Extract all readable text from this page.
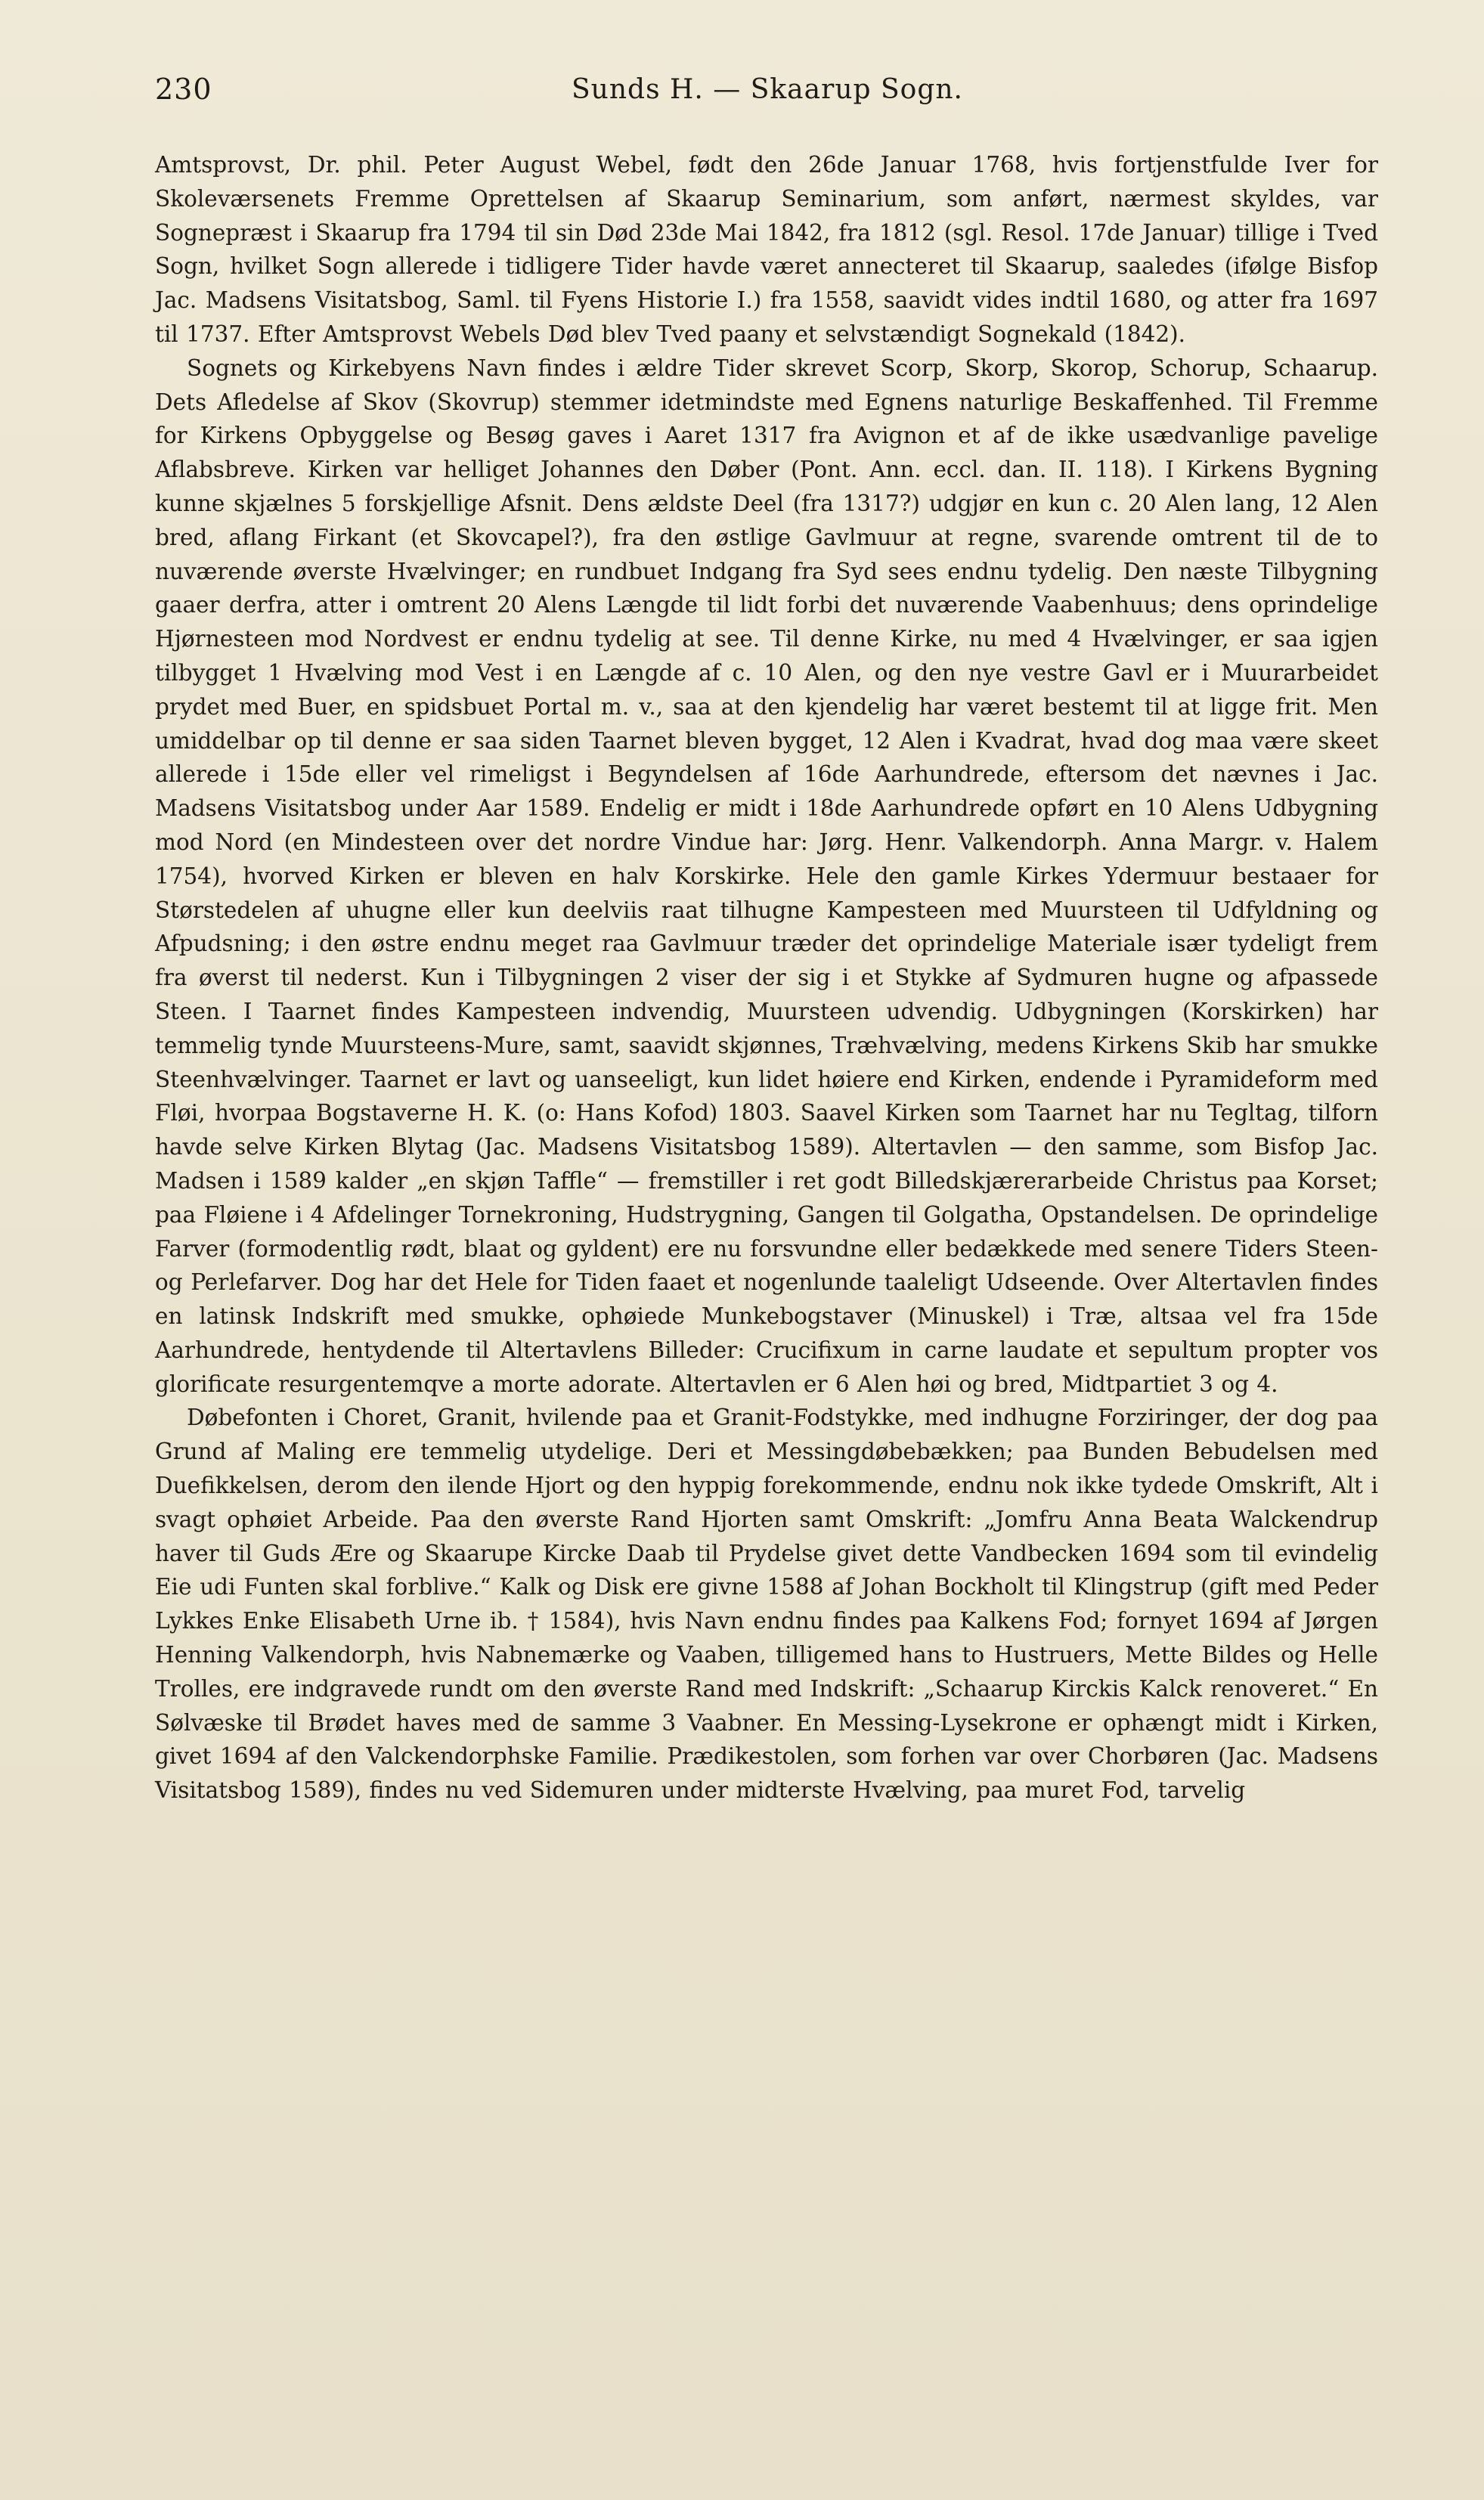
230	Sunds H. — Skaarup Sogn.

Amtsprovst, Dr. phil. Peter August Webel, født den 26de Januar 1768, hvis fortjenstfulde Iver for Skoleværsenets Fremme Oprettelsen af Skaarup Seminarium, som anført, nærmest skyldes, var Sognepræst i Skaarup fra 1794 til sin Død 23de Mai 1842, fra 1812 (sgl. Resol. 17de Januar) tillige i Tved Sogn, hvilket Sogn allerede i tidligere Tider havde været annecteret til Skaarup, saaledes (ifølge Bisfop Jac. Madsens Visitatsbog, Saml. til Fyens Historie I.) fra 1558, saavidt vides indtil 1680, og atter fra 1697 til 1737. Efter Amtsprovst Webels Død blev Tved paany et selvstændigt Sognekald (1842).

Sognets og Kirkebyens Navn findes i ældre Tider skrevet Scorp, Skorp, Skorop, Schorup, Schaarup. Dets Afledelse af Skov (Skovrup) stemmer idetmindste med Egnens naturlige Beskaffenhed. Til Fremme for Kirkens Opbyggelse og Besøg gaves i Aaret 1317 fra Avignon et af de ikke usædvanlige pavelige Aflabsbreve. Kirken var helliget Johannes den Døber (Pont. Ann. eccl. dan. II. 118). I Kirkens Bygning kunne skjælnes 5 forskjellige Afsnit. Dens ældste Deel (fra 1317?) udgjør en kun c. 20 Alen lang, 12 Alen bred, aflang Firkant (et Skovcapel?), fra den østlige Gavlmuur at regne, svarende omtrent til de to nuværende øverste Hvælvinger; en rundbuet Indgang fra Syd sees endnu tydelig. Den næste Tilbygning gaaer derfra, atter i omtrent 20 Alens Længde til lidt forbi det nuværende Vaabenhuus; dens oprindelige Hjørnesteen mod Nordvest er endnu tydelig at see. Til denne Kirke, nu med 4 Hvælvinger, er saa igjen tilbygget 1 Hvælving mod Vest i en Længde af c. 10 Alen, og den nye vestre Gavl er i Muurarbeidet prydet med Buer, en spidsbuet Portal m. v., saa at den kjendelig har været bestemt til at ligge frit. Men umiddelbar op til denne er saa siden Taarnet bleven bygget, 12 Alen i Kvadrat, hvad dog maa være skeet allerede i 15de eller vel rimeligst i Begyndelsen af 16de Aarhundrede, eftersom det nævnes i Jac. Madsens Visitatsbog under Aar 1589. Endelig er midt i 18de Aarhundrede opført en 10 Alens Udbygning mod Nord (en Mindesteen over det nordre Vindue har: Jørg. Henr. Valkendorph. Anna Margr. v. Halem 1754), hvorved Kirken er bleven en halv Korskirke. Hele den gamle Kirkes Ydermuur bestaaer for Størstedelen af uhugne eller kun deelviis raat tilhugne Kampesteen med Muursteen til Udfyldning og Afpudsning; i den østre endnu meget raa Gavlmuur træder det oprindelige Materiale især tydeligt frem fra øverst til nederst. Kun i Tilbygningen 2 viser der sig i et Stykke af Sydmuren hugne og afpassede Steen. I Taarnet findes Kampesteen indvendig, Muursteen udvendig. Udbygningen (Korskirken) har temmelig tynde Muursteens-Mure, samt, saavidt skjønnes, Træhvælving, medens Kirkens Skib har smukke Steenhvælvinger. Taarnet er lavt og uanseeligt, kun lidet høiere end Kirken, endende i Pyramideform med Fløi, hvorpaa Bogstaverne H. K. (o: Hans Kofod) 1803. Saavel Kirken som Taarnet har nu Tegltag, tilforn havde selve Kirken Blytag (Jac. Madsens Visitatsbog 1589). Altertavlen — den samme, som Bisfop Jac. Madsen i 1589 kalder „en skjøn Taffle“ — fremstiller i ret godt Billedskjærerarbeide Christus paa Korset; paa Fløiene i 4 Afdelinger Tornekroning, Hudstrygning, Gangen til Golgatha, Opstandelsen. De oprindelige Farver (formodentlig rødt, blaat og gyldent) ere nu forsvundne eller bedækkede med senere Tiders Steen- og Perlefarver. Dog har det Hele for Tiden faaet et nogenlunde taaleligt Udseende. Over Altertavlen findes en latinsk Indskrift med smukke, ophøiede Munkebogstaver (Minuskel) i Træ, altsaa vel fra 15de Aarhundrede, hentydende til Altertavlens Billeder: Crucifixum in carne laudate et sepultum propter vos glorificate resurgentemqve a morte adorate. Altertavlen er 6 Alen høi og bred, Midtpartiet 3 og 4.

Døbefonten i Choret, Granit, hvilende paa et Granit-Fodstykke, med indhugne Forziringer, der dog paa Grund af Maling ere temmelig utydelige. Deri et Messingdøbebækken; paa Bunden Bebudelsen med Duefikkelsen, derom den ilende Hjort og den hyppig forekommende, endnu nok ikke tydede Omskrift, Alt i svagt ophøiet Arbeide. Paa den øverste Rand Hjorten samt Omskrift: „Jomfru Anna Beata Walckendrup haver til Guds Ære og Skaarupe Kircke Daab til Prydelse givet dette Vandbecken 1694 som til evindelig Eie udi Funten skal forblive.“ Kalk og Disk ere givne 1588 af Johan Bockholt til Klingstrup (gift med Peder Lykkes Enke Elisabeth Urne ib. † 1584), hvis Navn endnu findes paa Kalkens Fod; fornyet 1694 af Jørgen Henning Valkendorph, hvis Nabnemærke og Vaaben, tilligemed hans to Hustruers, Mette Bildes og Helle Trolles, ere indgravede rundt om den øverste Rand med Indskrift: „Schaarup Kirckis Kalck renoveret.“ En Sølvæske til Brødet haves med de samme 3 Vaabner. En Messing-Lysekrone er ophængt midt i Kirken, givet 1694 af den Valckendorphske Familie. Prædikestolen, som forhen var over Chorbøren (Jac. Madsens Visitatsbog 1589), findes nu ved Sidemuren under midterste Hvælving, paa muret Fod, tarvelig
